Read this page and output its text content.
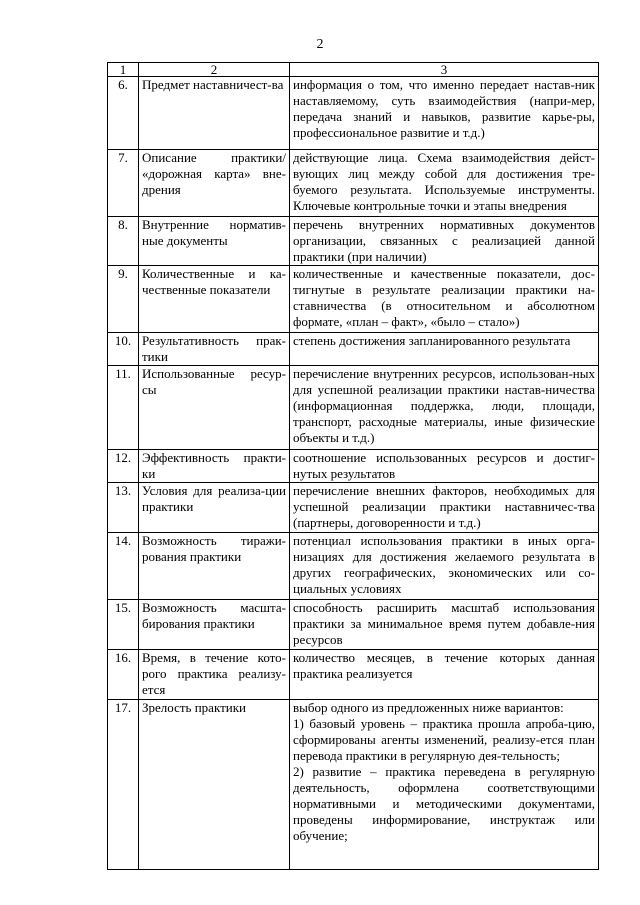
2
1	2	3
6.	Предмет наставничест-ва	информация о том, что именно передает настав-ник наставляемому, суть взаимодействия (напри-мер, передача знаний и навыков, развитие карье-ры, профессиональное развитие и т.д.)
7.	Описание практики/ «дорожная карта» вне-дрения	действующие лица. Схема взаимодействия дейст-вующих лиц между собой для достижения тре-буемого результата. Используемые инструменты. Ключевые контрольные точки и этапы внедрения
8.	Внутренние норматив-ные документы	перечень внутренних нормативных документов организации, связанных с реализацией данной практики (при наличии)
9.	Количественные и ка-чественные показатели	количественные и качественные показатели, дос-тигнутые в результате реализации практики на-ставничества (в относительном и абсолютном формате, «план – факт», «было – стало»)
10.	Результативность прак-тики	степень достижения запланированного результата
11.	Использованные ресур-сы	перечисление внутренних ресурсов, использован-ных для успешной реализации практики настав-ничества (информационная поддержка, люди, площади, транспорт, расходные материалы, иные физические объекты и т.д.)
12.	Эффективность практи-ки	соотношение использованных ресурсов и достиг-нутых результатов
13.	Условия для реализа-ции практики	перечисление внешних факторов, необходимых для успешной реализации практики наставничес-тва (партнеры, договоренности и т.д.)
14.	Возможность тиражи-рования практики	потенциал использования практики в иных орга-низациях для достижения желаемого результата в других географических, экономических или со-циальных условиях
15.	Возможность масшта-бирования практики	способность расширить масштаб использования практики за минимальное время путем добавле-ния ресурсов
16.	Время, в течение кото-рого практика реализу-ется	количество месяцев, в течение которых данная практика реализуется
17.	Зрелость практики	выбор одного из предложенных ниже вариантов:
1) базовый уровень – практика прошла апроба-цию, сформированы агенты изменений, реализу-ется план перевода практики в регулярную дея-тельность;
2) развитие – практика переведена в регулярную деятельность, оформлена соответствующими нормативными и методическими документами, проведены информирование, инструктаж или обучение;
